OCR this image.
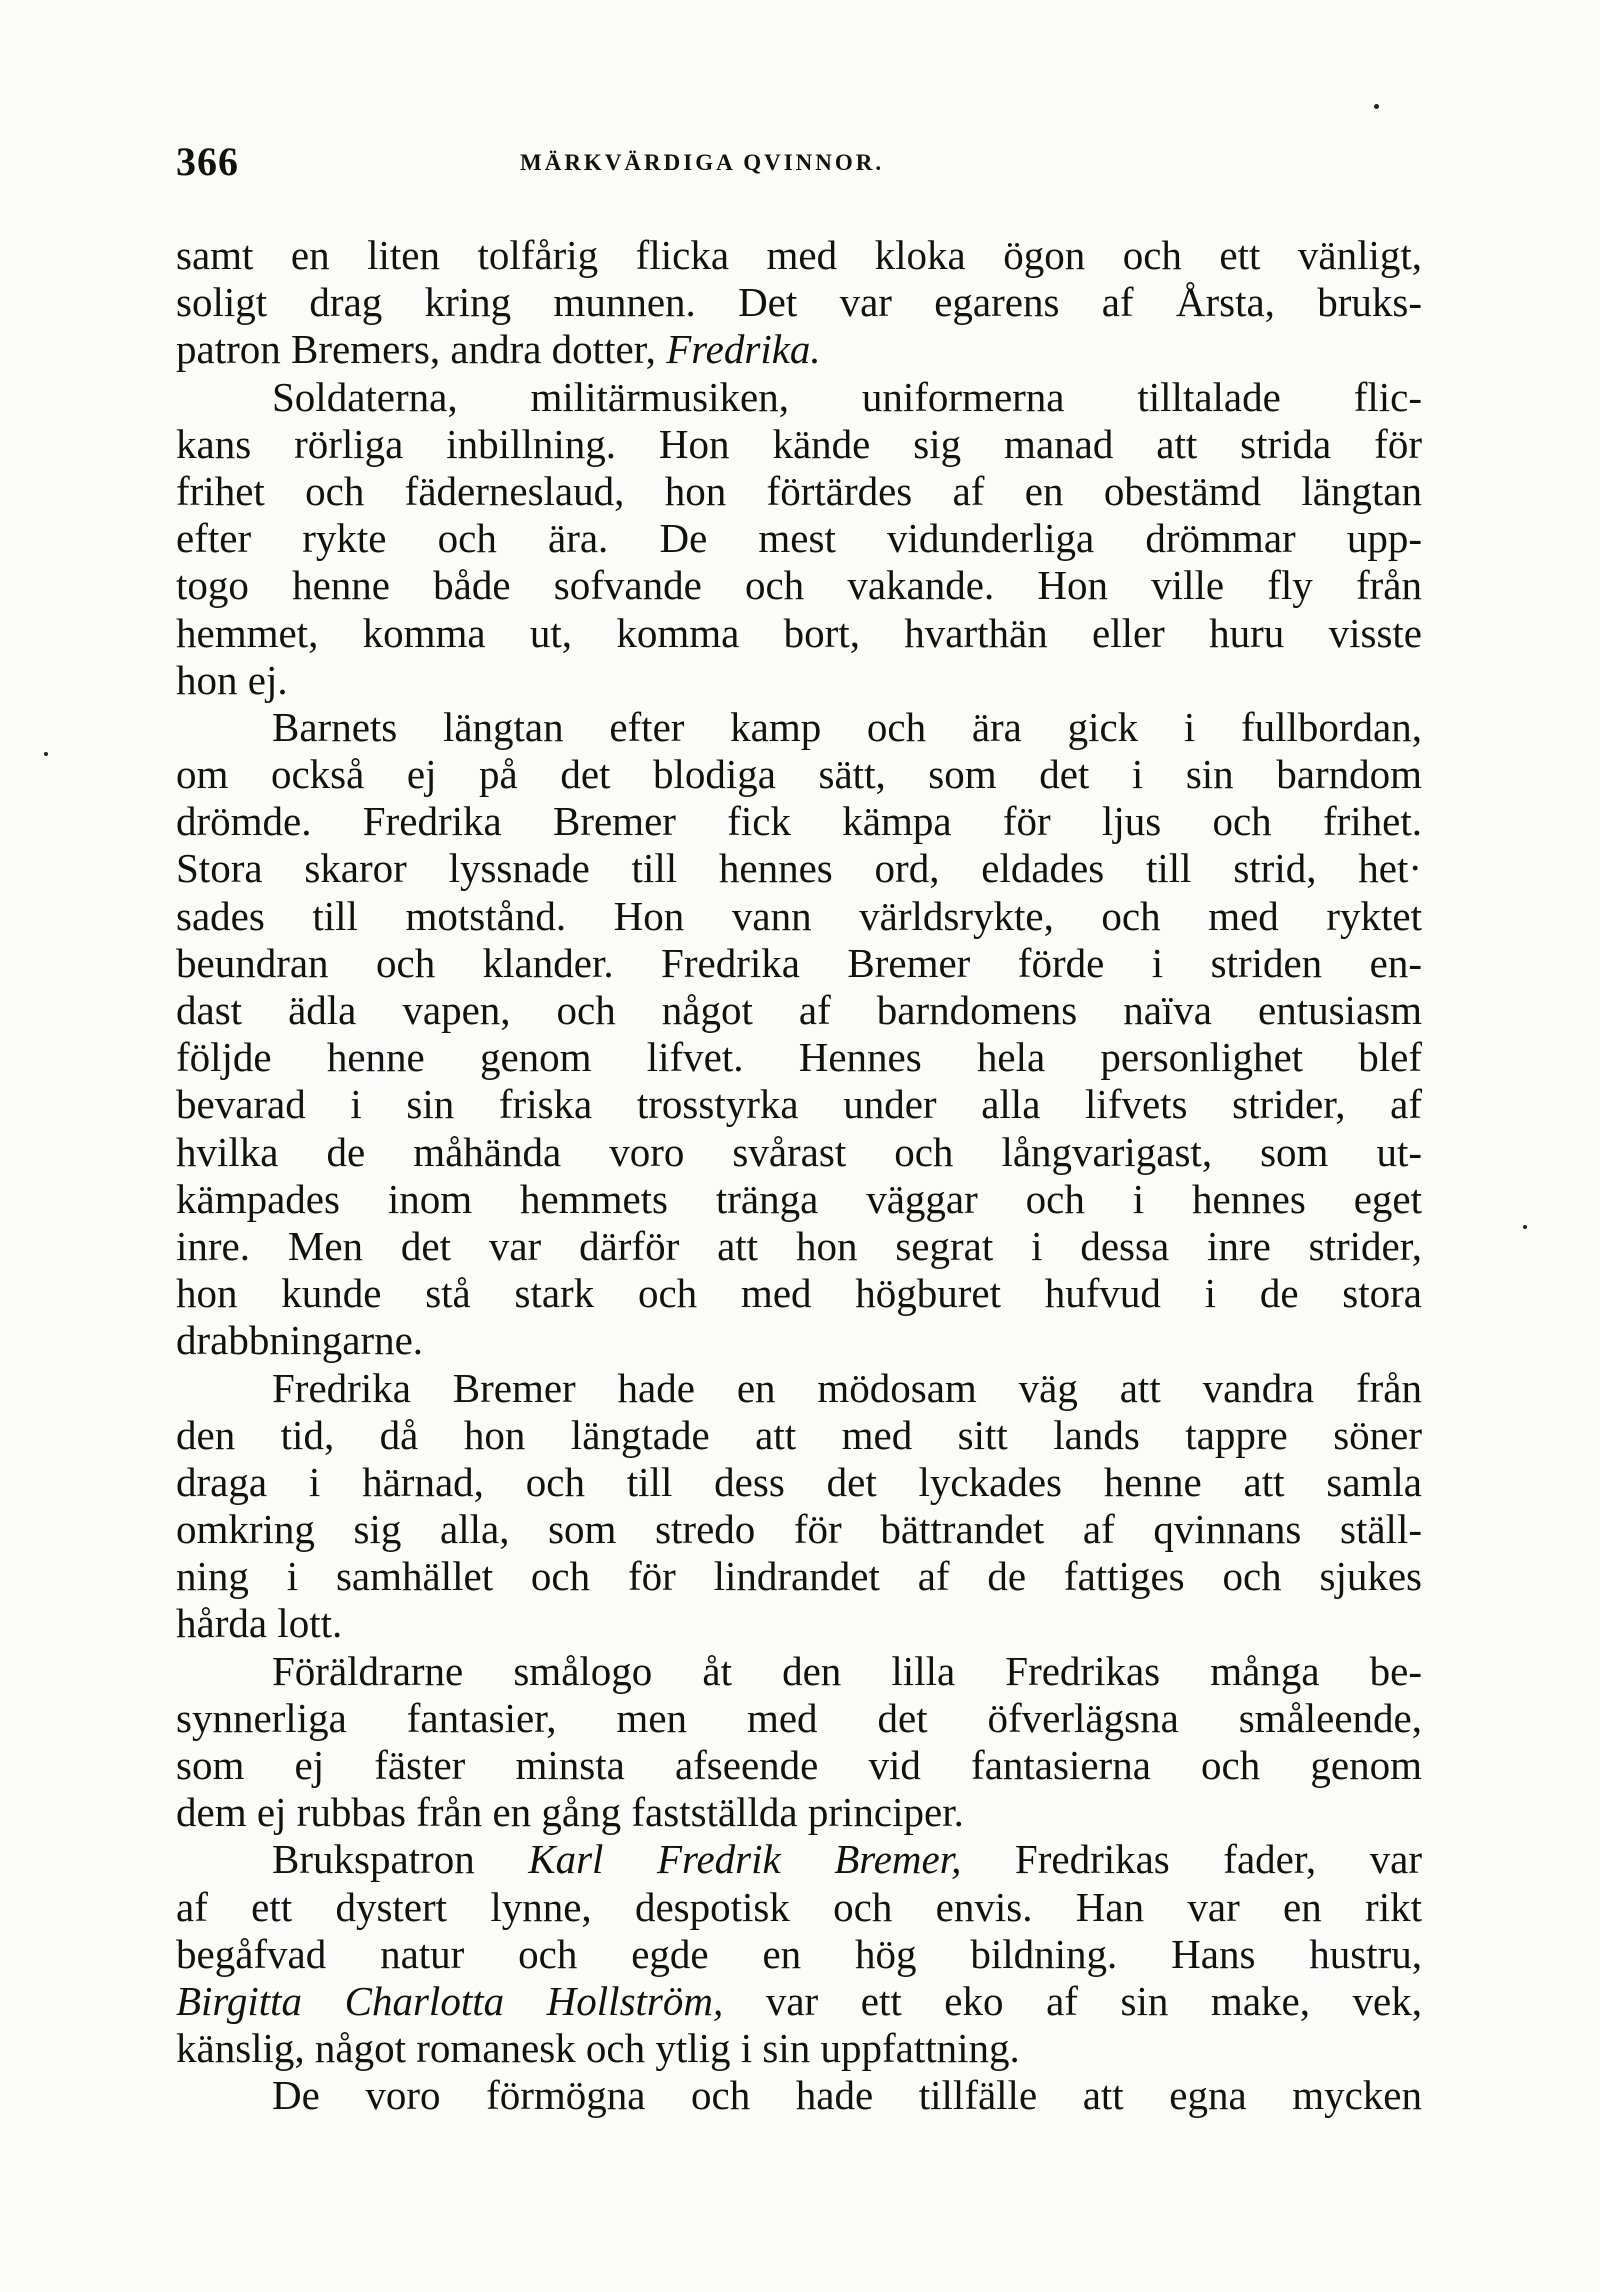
366	MÄRKVÄRDIGA QVINNOR.
samt en liten tolfårig flicka med kloka ögon och ett vänligt,
soligt drag kring munnen. Det var egarens af Årsta, bruks-
patron Bremers, andra dotter, Fredrika.
Soldaterna, militärmusiken, uniformerna tilltalade flic-
kans rörliga inbillning. Hon kände sig manad att strida för
frihet och fäderneslaud, hon förtärdes af en obestämd längtan
efter rykte och ära. De mest vidunderliga drömmar upp-
togo henne både sofvande och vakande. Hon ville fly från
hemmet, komma ut, komma bort, hvarthän eller huru visste
hon ej.
Barnets längtan efter kamp och ära gick i fullbordan,
om också ej på det blodiga sätt, som det i sin barndom
drömde. Fredrika Bremer fick kämpa för ljus och frihet.
Stora skaror lyssnade till hennes ord, eldades till strid, het·
sades till motstånd. Hon vann världsrykte, och med ryktet
beundran och klander. Fredrika Bremer förde i striden en-
dast ädla vapen, och något af barndomens naïva entusiasm
följde henne genom lifvet. Hennes hela personlighet blef
bevarad i sin friska trosstyrka under alla lifvets strider, af
hvilka de måhända voro svårast och långvarigast, som ut-
kämpades inom hemmets tränga väggar och i hennes eget
inre. Men det var därför att hon segrat i dessa inre strider,
hon kunde stå stark och med högburet hufvud i de stora
drabbningarne.
Fredrika Bremer hade en mödosam väg att vandra från
den tid, då hon längtade att med sitt lands tappre söner
draga i härnad, och till dess det lyckades henne att samla
omkring sig alla, som stredo för bättrandet af qvinnans ställ-
ning i samhället och för lindrandet af de fattiges och sjukes
hårda lott.
Föräldrarne smålogo åt den lilla Fredrikas många be-
synnerliga fantasier, men med det öfverlägsna småleende,
som ej fäster minsta afseende vid fantasierna och genom
dem ej rubbas från en gång fastställda principer.
Brukspatron Karl Fredrik Bremer, Fredrikas fader, var
af ett dystert lynne, despotisk och envis. Han var en rikt
begåfvad natur och egde en hög bildning. Hans hustru,
Birgitta Charlotta Hollström, var ett eko af sin make, vek,
känslig, något romanesk och ytlig i sin uppfattning.
De voro förmögna och hade tillfälle att egna mycken
